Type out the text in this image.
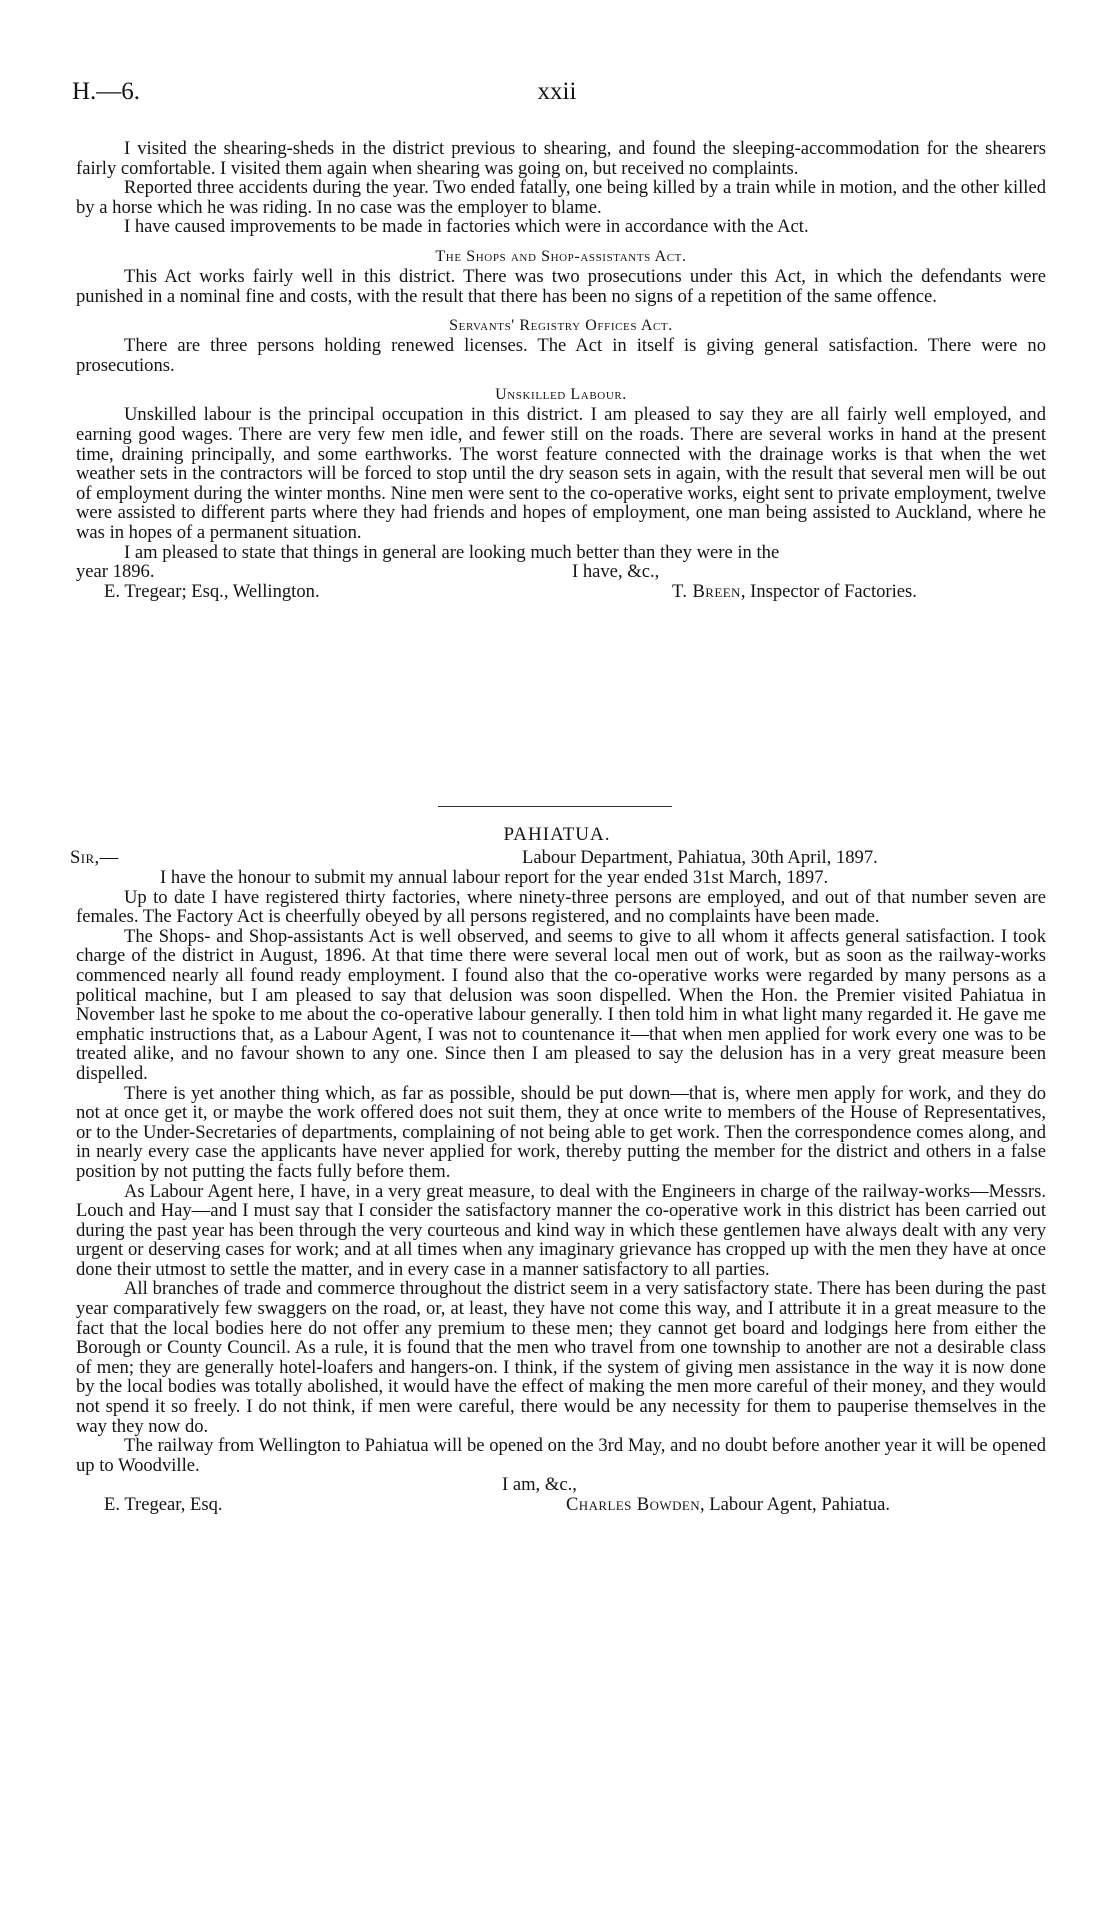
H.—6.	xxii

I visited the shearing-sheds in the district previous to shearing, and found the sleeping-accommodation for the shearers fairly comfortable. I visited them again when shearing was going on, but received no complaints.

Reported three accidents during the year. Two ended fatally, one being killed by a train while in motion, and the other killed by a horse which he was riding. In no case was the employer to blame.

I have caused improvements to be made in factories which were in accordance with the Act.

The Shops and Shop-assistants Act.

This Act works fairly well in this district. There was two prosecutions under this Act, in which the defendants were punished in a nominal fine and costs, with the result that there has been no signs of a repetition of the same offence.

Servants' Registry Offices Act.

There are three persons holding renewed licenses. The Act in itself is giving general satisfaction. There were no prosecutions.

Unskilled Labour.

Unskilled labour is the principal occupation in this district. I am pleased to say they are all fairly well employed, and earning good wages. There are very few men idle, and fewer still on the roads. There are several works in hand at the present time, draining principally, and some earthworks. The worst feature connected with the drainage works is that when the wet weather sets in the contractors will be forced to stop until the dry season sets in again, with the result that several men will be out of employment during the winter months. Nine men were sent to the co-operative works, eight sent to private employment, twelve were assisted to different parts where they had friends and hopes of employment, one man being assisted to Auckland, where he was in hopes of a permanent situation.

I am pleased to state that things in general are looking much better than they were in the

year 1896.	I have, &c.,
E. Tregear; Esq., Wellington.	T. Breen, Inspector of Factories.
PAHIATUA.
Sir,—	Labour Department, Pahiatua, 30th April, 1897.

I have the honour to submit my annual labour report for the year ended 31st March, 1897.

Up to date I have registered thirty factories, where ninety-three persons are employed, and out of that number seven are females. The Factory Act is cheerfully obeyed by all persons registered, and no complaints have been made.

The Shops- and Shop-assistants Act is well observed, and seems to give to all whom it affects general satisfaction. I took charge of the district in August, 1896. At that time there were several local men out of work, but as soon as the railway-works commenced nearly all found ready employment. I found also that the co-operative works were regarded by many persons as a political machine, but I am pleased to say that delusion was soon dispelled. When the Hon. the Premier visited Pahiatua in November last he spoke to me about the co-operative labour generally. I then told him in what light many regarded it. He gave me emphatic instructions that, as a Labour Agent, I was not to countenance it—that when men applied for work every one was to be treated alike, and no favour shown to any one. Since then I am pleased to say the delusion has in a very great measure been dispelled.

There is yet another thing which, as far as possible, should be put down—that is, where men apply for work, and they do not at once get it, or maybe the work offered does not suit them, they at once write to members of the House of Representatives, or to the Under-Secretaries of departments, complaining of not being able to get work. Then the correspondence comes along, and in nearly every case the applicants have never applied for work, thereby putting the member for the district and others in a false position by not putting the facts fully before them.

As Labour Agent here, I have, in a very great measure, to deal with the Engineers in charge of the railway-works—Messrs. Louch and Hay—and I must say that I consider the satisfactory manner the co-operative work in this district has been carried out during the past year has been through the very courteous and kind way in which these gentlemen have always dealt with any very urgent or deserving cases for work; and at all times when any imaginary grievance has cropped up with the men they have at once done their utmost to settle the matter, and in every case in a manner satisfactory to all parties.

All branches of trade and commerce throughout the district seem in a very satisfactory state. There has been during the past year comparatively few swaggers on the road, or, at least, they have not come this way, and I attribute it in a great measure to the fact that the local bodies here do not offer any premium to these men; they cannot get board and lodgings here from either the Borough or County Council. As a rule, it is found that the men who travel from one township to another are not a desirable class of men; they are generally hotel-loafers and hangers-on. I think, if the system of giving men assistance in the way it is now done by the local bodies was totally abolished, it would have the effect of making the men more careful of their money, and they would not spend it so freely. I do not think, if men were careful, there would be any necessity for them to pauperise themselves in the way they now do.

The railway from Wellington to Pahiatua will be opened on the 3rd May, and no doubt before another year it will be opened up to Woodville.

I am, &c.,
E. Tregear, Esq.	Charles Bowden, Labour Agent, Pahiatua.
